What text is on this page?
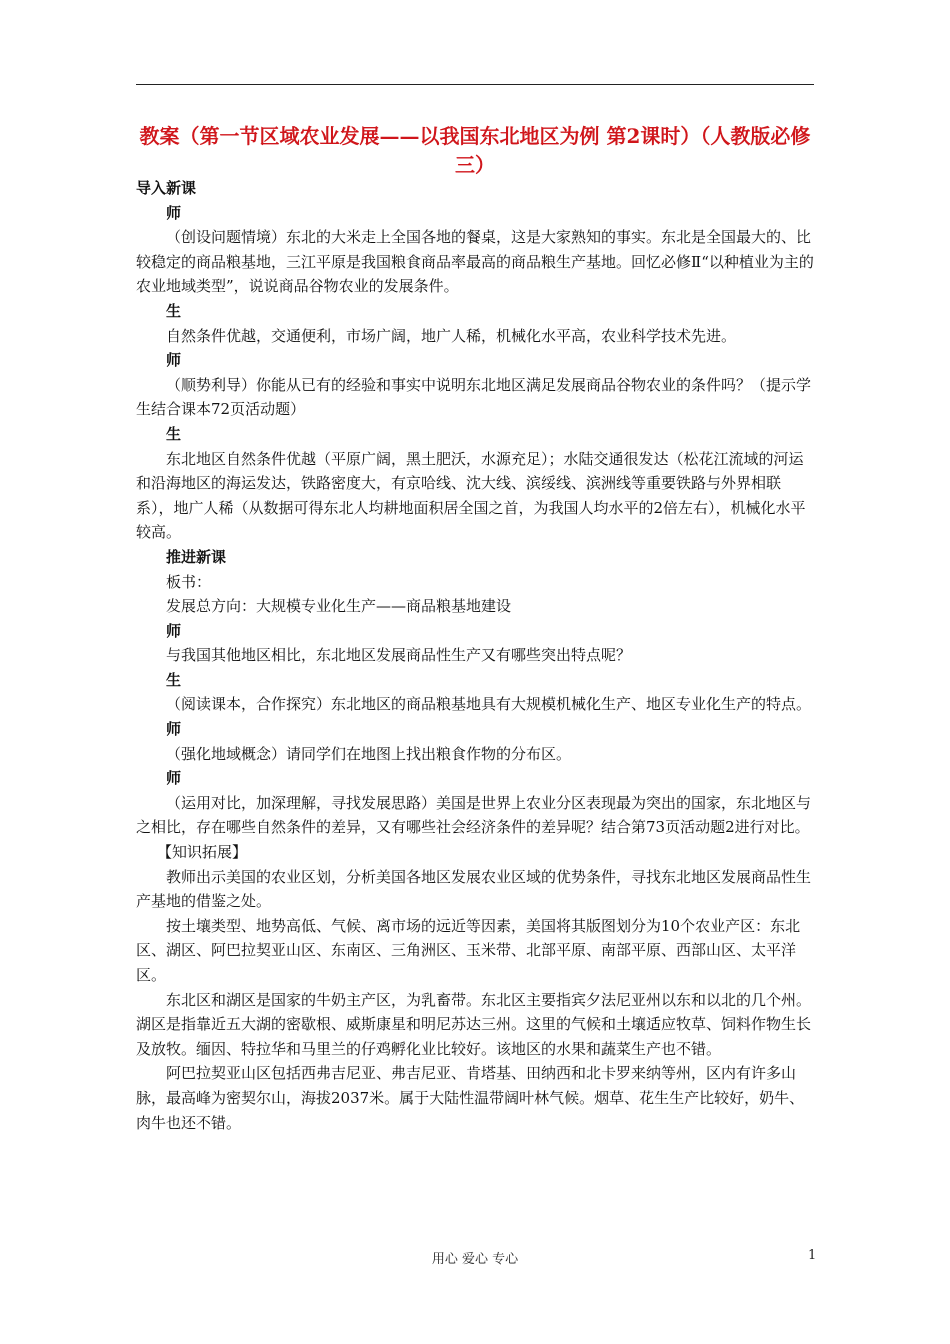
教案（第一节区域农业发展——以我国东北地区为例 第2课时）（人教版必修三）

导入新课

师

（创设问题情境）东北的大米走上全国各地的餐桌，这是大家熟知的事实。东北是全国最大的、比较稳定的商品粮基地，三江平原是我国粮食商品率最高的商品粮生产基地。回忆必修Ⅱ“以种植业为主的农业地域类型”，说说商品谷物农业的发展条件。

生

自然条件优越，交通便利，市场广阔，地广人稀，机械化水平高，农业科学技术先进。

师

（顺势利导）你能从已有的经验和事实中说明东北地区满足发展商品谷物农业的条件吗？（提示学生结合课本72页活动题）

生

东北地区自然条件优越（平原广阔，黑土肥沃，水源充足）；水陆交通很发达（松花江流域的河运和沿海地区的海运发达，铁路密度大，有京哈线、沈大线、滨绥线、滨洲线等重要铁路与外界相联系），地广人稀（从数据可得东北人均耕地面积居全国之首，为我国人均水平的2倍左右），机械化水平较高。

推进新课

板书：

发展总方向：大规模专业化生产——商品粮基地建设

师

与我国其他地区相比，东北地区发展商品性生产又有哪些突出特点呢？

生

（阅读课本，合作探究）东北地区的商品粮基地具有大规模机械化生产、地区专业化生产的特点。

师

（强化地域概念）请同学们在地图上找出粮食作物的分布区。

师

（运用对比，加深理解，寻找发展思路）美国是世界上农业分区表现最为突出的国家，东北地区与之相比，存在哪些自然条件的差异，又有哪些社会经济条件的差异呢？结合第73页活动题2进行对比。

【知识拓展】

教师出示美国的农业区划，分析美国各地区发展农业区域的优势条件，寻找东北地区发展商品性生产基地的借鉴之处。

按土壤类型、地势高低、气候、离市场的远近等因素，美国将其版图划分为10个农业产区：东北区、湖区、阿巴拉契亚山区、东南区、三角洲区、玉米带、北部平原、南部平原、西部山区、太平洋区。

东北区和湖区是国家的牛奶主产区，为乳畜带。东北区主要指宾夕法尼亚州以东和以北的几个州。湖区是指靠近五大湖的密歇根、威斯康星和明尼苏达三州。这里的气候和土壤适应牧草、饲料作物生长及放牧。缅因、特拉华和马里兰的仔鸡孵化业比较好。该地区的水果和蔬菜生产也不错。

阿巴拉契亚山区包括西弗吉尼亚、弗吉尼亚、肯塔基、田纳西和北卡罗来纳等州，区内有许多山脉，最高峰为密契尔山，海拔2037米。属于大陆性温带阔叶林气候。烟草、花生生产比较好，奶牛、肉牛也还不错。

用心 爱心 专心	1
